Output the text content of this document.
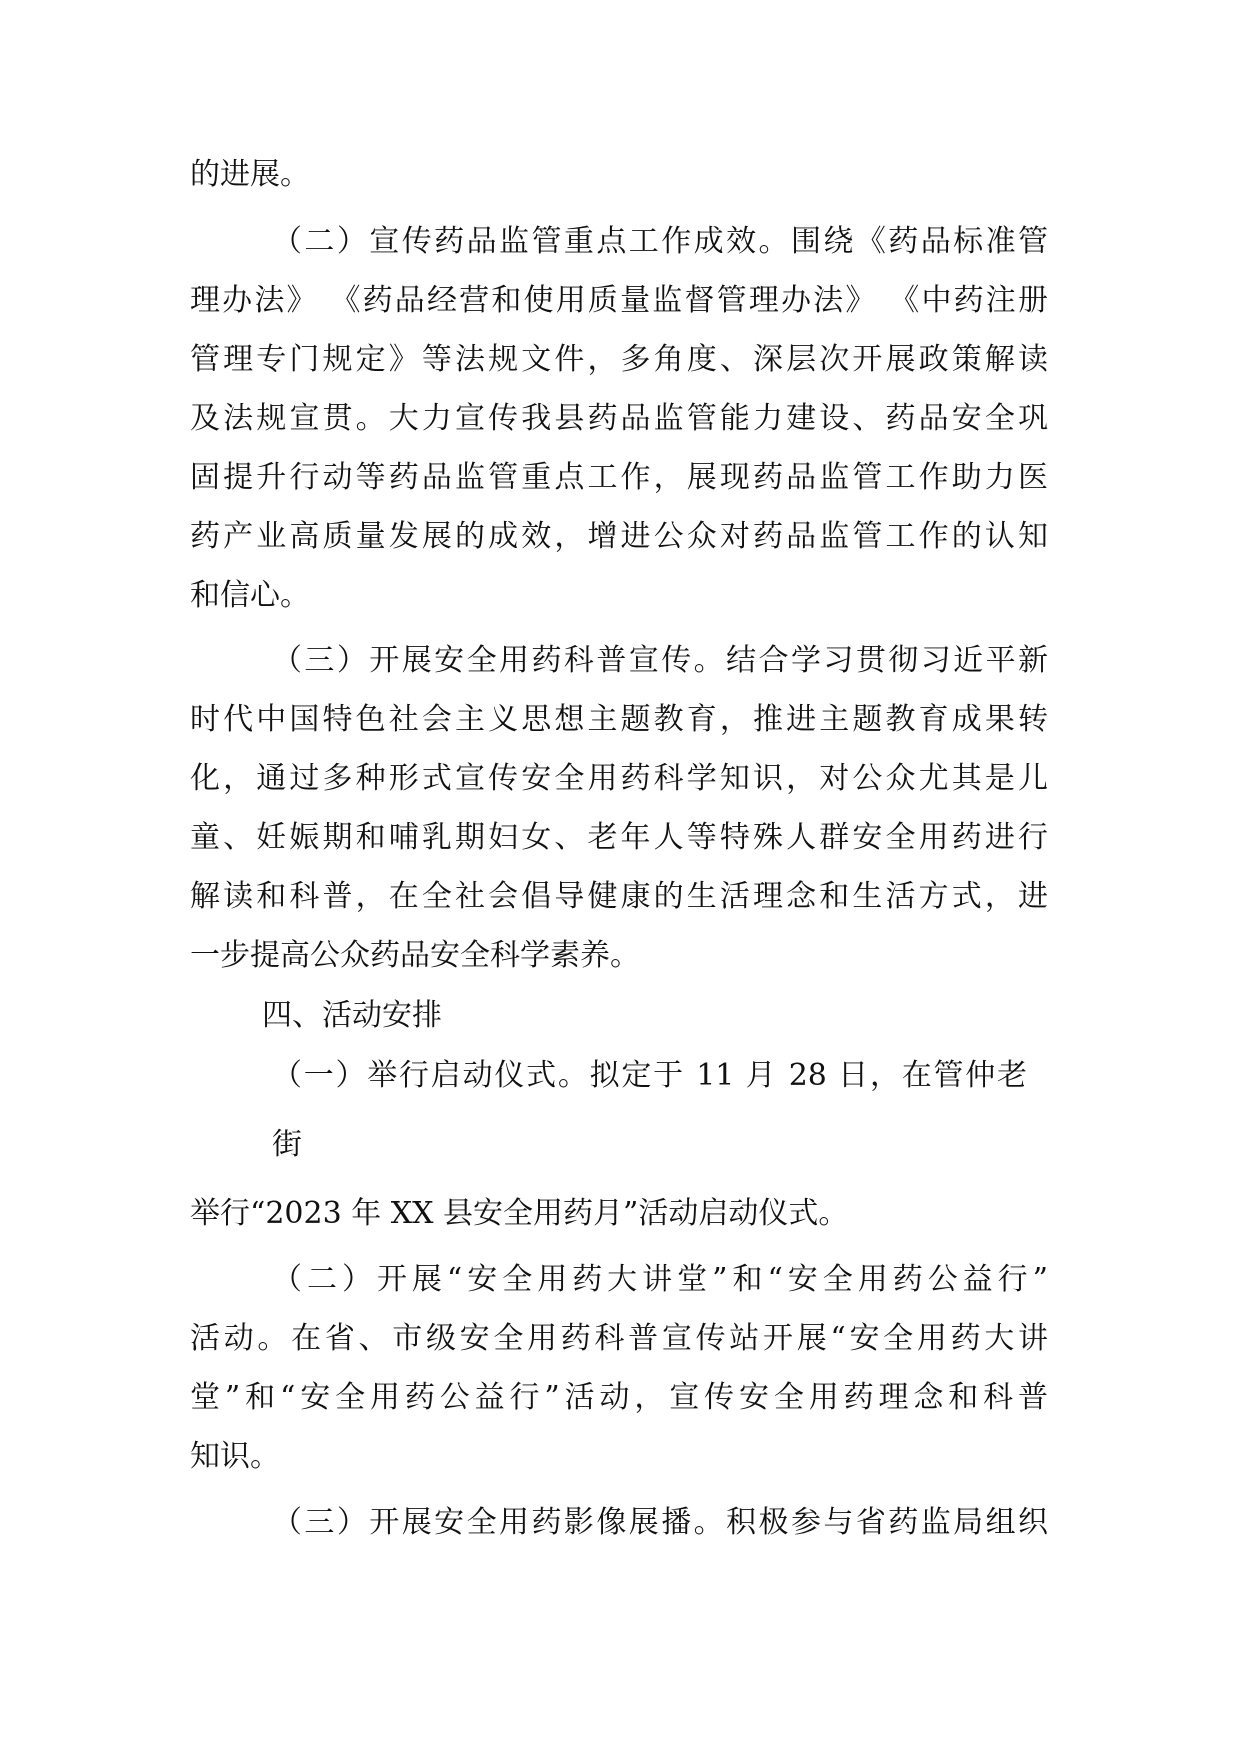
的进展。

（二）宣传药品监管重点工作成效。围绕《药品标准管

理办法》 《药品经营和使用质量监督管理办法》 《中药注册

管理专门规定》等法规文件，多角度、深层次开展政策解读

及法规宣贯。大力宣传我县药品监管能力建设、药品安全巩

固提升行动等药品监管重点工作，展现药品监管工作助力医

药产业高质量发展的成效，增进公众对药品监管工作的认知

和信心。

（三）开展安全用药科普宣传。结合学习贯彻习近平新

时代中国特色社会主义思想主题教育，推进主题教育成果转

化，通过多种形式宣传安全用药科学知识，对公众尤其是儿

童、妊娠期和哺乳期妇女、老年人等特殊人群安全用药进行

解读和科普，在全社会倡导健康的生活理念和生活方式，进

一步提高公众药品安全科学素养。

四、活动安排

（一）举行启动仪式。拟定于 11 月 28 日，在管仲老

街

举行“2023 年 XX 县安全用药月”活动启动仪式。

（二）开展“安全用药大讲堂”和“安全用药公益行”

活动。在省、市级安全用药科普宣传站开展“安全用药大讲

堂”和“安全用药公益行”活动，宣传安全用药理念和科普

知识。

（三）开展安全用药影像展播。积极参与省药监局组织
